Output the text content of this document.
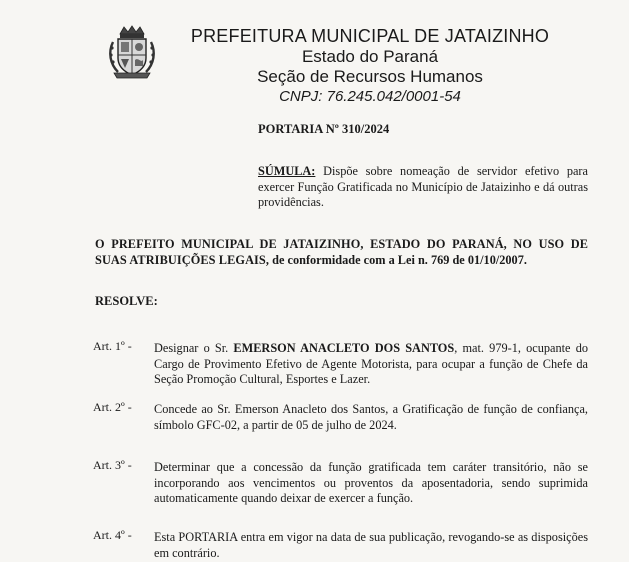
PREFEITURA MUNICIPAL DE JATAIZINHO
Estado do Paraná
Seção de Recursos Humanos
CNPJ: 76.245.042/0001-54
PORTARIA Nº 310/2024
SÚMULA: Dispõe sobre nomeação de servidor efetivo para exercer Função Gratificada no Município de Jataizinho e dá outras providências.
O PREFEITO MUNICIPAL DE JATAIZINHO, ESTADO DO PARANÁ, NO USO DE SUAS ATRIBUIÇÕES LEGAIS, de conformidade com a Lei n. 769 de 01/10/2007.
RESOLVE:
Art. 1º - Designar o Sr. EMERSON ANACLETO DOS SANTOS, mat. 979-1, ocupante do Cargo de Provimento Efetivo de Agente Motorista, para ocupar a função de Chefe da Seção Promoção Cultural, Esportes e Lazer.
Art. 2º - Concede ao Sr. Emerson Anacleto dos Santos, a Gratificação de função de confiança, símbolo GFC-02, a partir de 05 de julho de 2024.
Art. 3º - Determinar que a concessão da função gratificada tem caráter transitório, não se incorporando aos vencimentos ou proventos da aposentadoria, sendo suprimida automaticamente quando deixar de exercer a função.
Art. 4º - Esta PORTARIA entra em vigor na data de sua publicação, revogando-se as disposições em contrário.
